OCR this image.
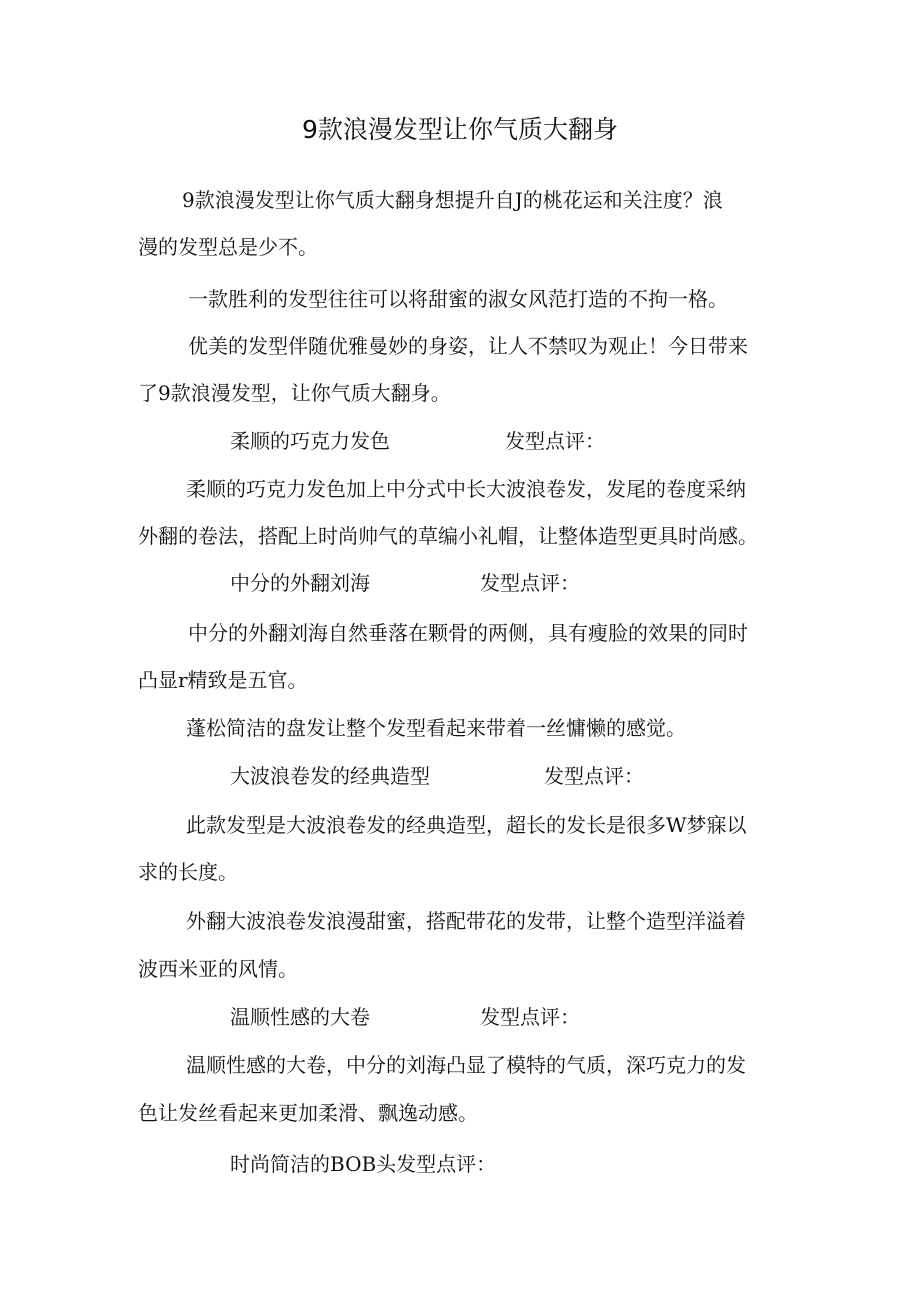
9款浪漫发型让你气质大翻身

9款浪漫发型让你气质大翻身想提升自J的桃花运和关注度？浪

漫的发型总是少不。

一款胜利的发型往往可以将甜蜜的淑女风范打造的不拘一格。

优美的发型伴随优雅曼妙的身姿，让人不禁叹为观止！今日带来

了9款浪漫发型，让你气质大翻身。

柔顺的巧克力发色	发型点评：

柔顺的巧克力发色加上中分式中长大波浪卷发，发尾的卷度采纳

外翻的卷法，搭配上时尚帅气的草编小礼帽，让整体造型更具时尚感。

中分的外翻刘海	发型点评：

中分的外翻刘海自然垂落在颗骨的两侧，具有瘦脸的效果的同时

凸显r精致是五官。

蓬松简洁的盘发让整个发型看起来带着一丝慵懒的感觉。

大波浪卷发的经典造型	发型点评：

此款发型是大波浪卷发的经典造型，超长的发长是很多W梦寐以

求的长度。

外翻大波浪卷发浪漫甜蜜，搭配带花的发带，让整个造型洋溢着

波西米亚的风情。

温顺性感的大卷	发型点评：

温顺性感的大卷，中分的刘海凸显了模特的气质，深巧克力的发

色让发丝看起来更加柔滑、飘逸动感。

时尚简洁的BOB头发型点评：
